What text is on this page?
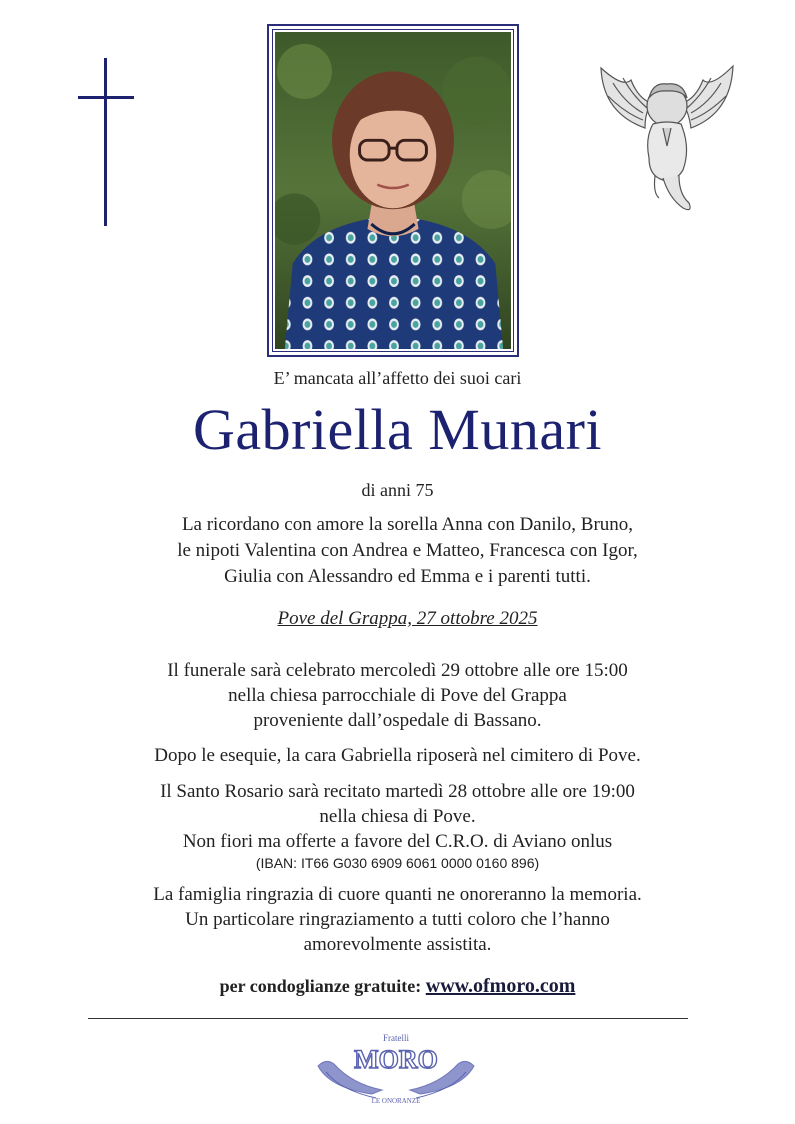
E’ mancata all’affetto dei suoi cari
Gabriella Munari
di anni 75
La ricordano con amore la sorella Anna con Danilo, Bruno,
le nipoti Valentina con Andrea e Matteo, Francesca con Igor,
Giulia con Alessandro ed Emma e i parenti tutti.
Pove del Grappa, 27 ottobre 2025
Il funerale sarà celebrato mercoledì 29 ottobre alle ore 15:00
nella chiesa parrocchiale di Pove del Grappa
proveniente dall’ospedale di Bassano.
Dopo le esequie, la cara Gabriella riposerà nel cimitero di Pove.
Il Santo Rosario sarà recitato martedì 28 ottobre alle ore 19:00
nella chiesa di Pove.
Non fiori ma offerte a favore del C.R.O. di Aviano onlus
(IBAN: IT66 G030 6909 6061 0000 0160 896)
La famiglia ringrazia di cuore quanti ne onoreranno la memoria.
Un particolare ringraziamento a tutti coloro che l’hanno
amorevolmente assistita.
per condoglianze gratuite: www.ofmoro.com
Fratelli
MORO
LE ONORANZE
